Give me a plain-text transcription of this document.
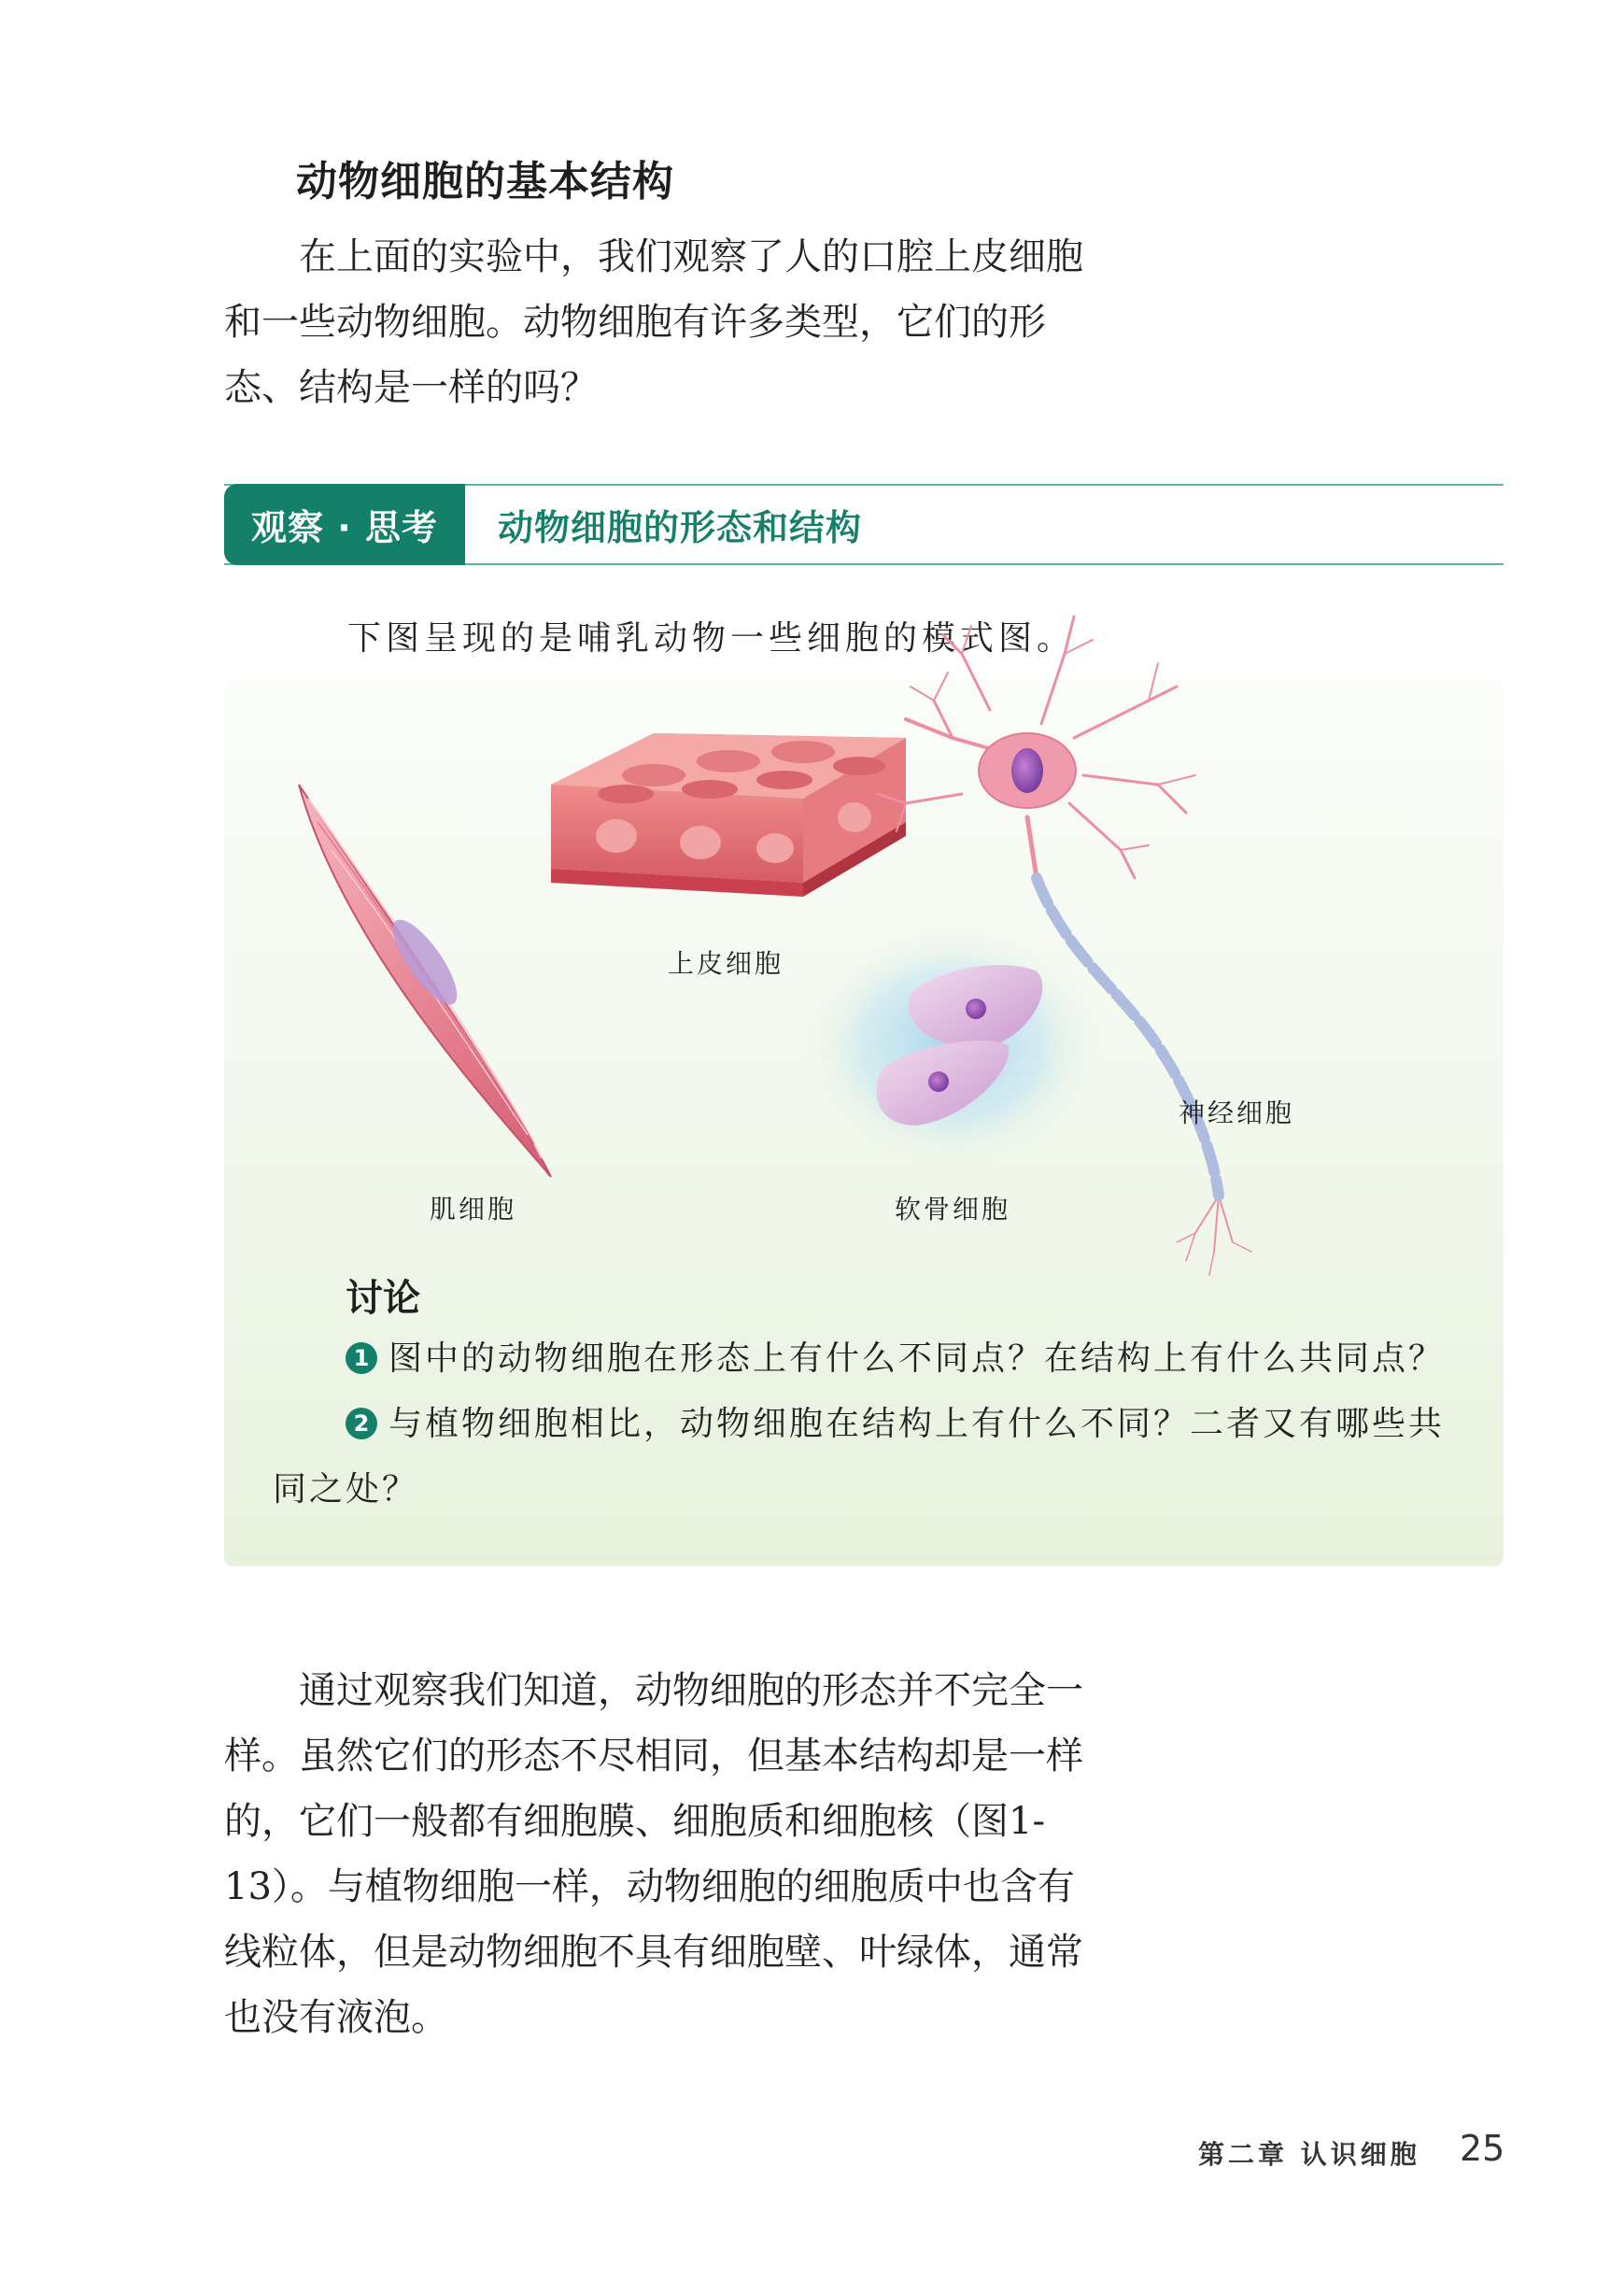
动物细胞的基本结构

在上面的实验中，我们观察了人的口腔上皮细胞和一些动物细胞。动物细胞有许多类型，它们的形态、结构是一样的吗？

观察 · 思考	动物细胞的形态和结构
下图呈现的是哺乳动物一些细胞的模式图。
肌细胞
上皮细胞
软骨细胞
神经细胞
讨论
1 图中的动物细胞在形态上有什么不同点？在结构上有什么共同点？
2 与植物细胞相比，动物细胞在结构上有什么不同？二者又有哪些共
同之处？

通过观察我们知道，动物细胞的形态并不完全一样。虽然它们的形态不尽相同，但基本结构却是一样的，它们一般都有细胞膜、细胞质和细胞核（图1-13）。与植物细胞一样，动物细胞的细胞质中也含有线粒体，但是动物细胞不具有细胞壁、叶绿体，通常也没有液泡。

第二章 认识细胞 25
